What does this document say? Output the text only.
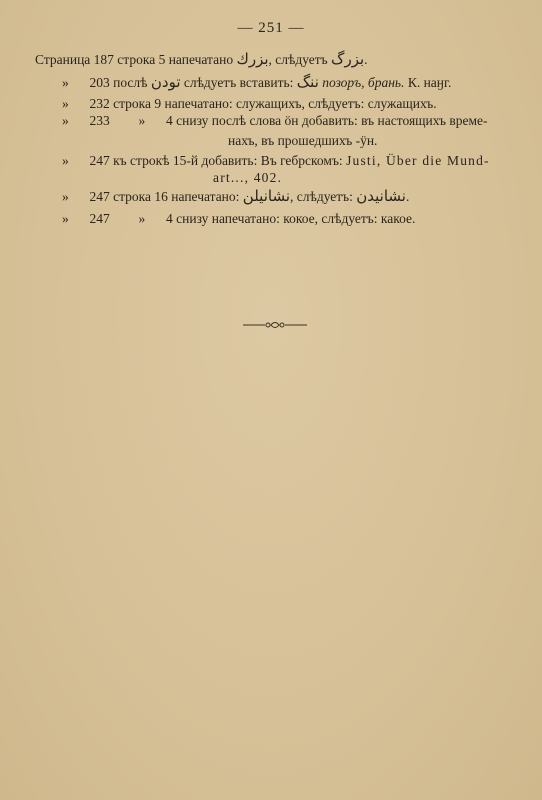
— 251 —
Страница 187 строка 5 напечатано بزرك, слѣдуетъ بزرگ.
» 203 послѣ تودن слѣдуетъ вставить: ننگ позоръ, брань. К. наӈг.
» 232 строка 9 напечатано: служащихъ, слѣдуетъ: служащихъ.
» 233 » 4 снизу послѣ слова ӧн добавить: въ настоящихъ време-
нахъ, въ прошедшихъ -ӱн.
» 247 къ строкѣ 15-й добавить: Въ гебрскомъ: Justi, Über die Mund-
art..., 402.
» 247 строка 16 напечатано: نشانيلن, слѣдуетъ: نشانيدن.
» 247 » 4 снизу напечатано: кокое, слѣдуетъ: какое.
